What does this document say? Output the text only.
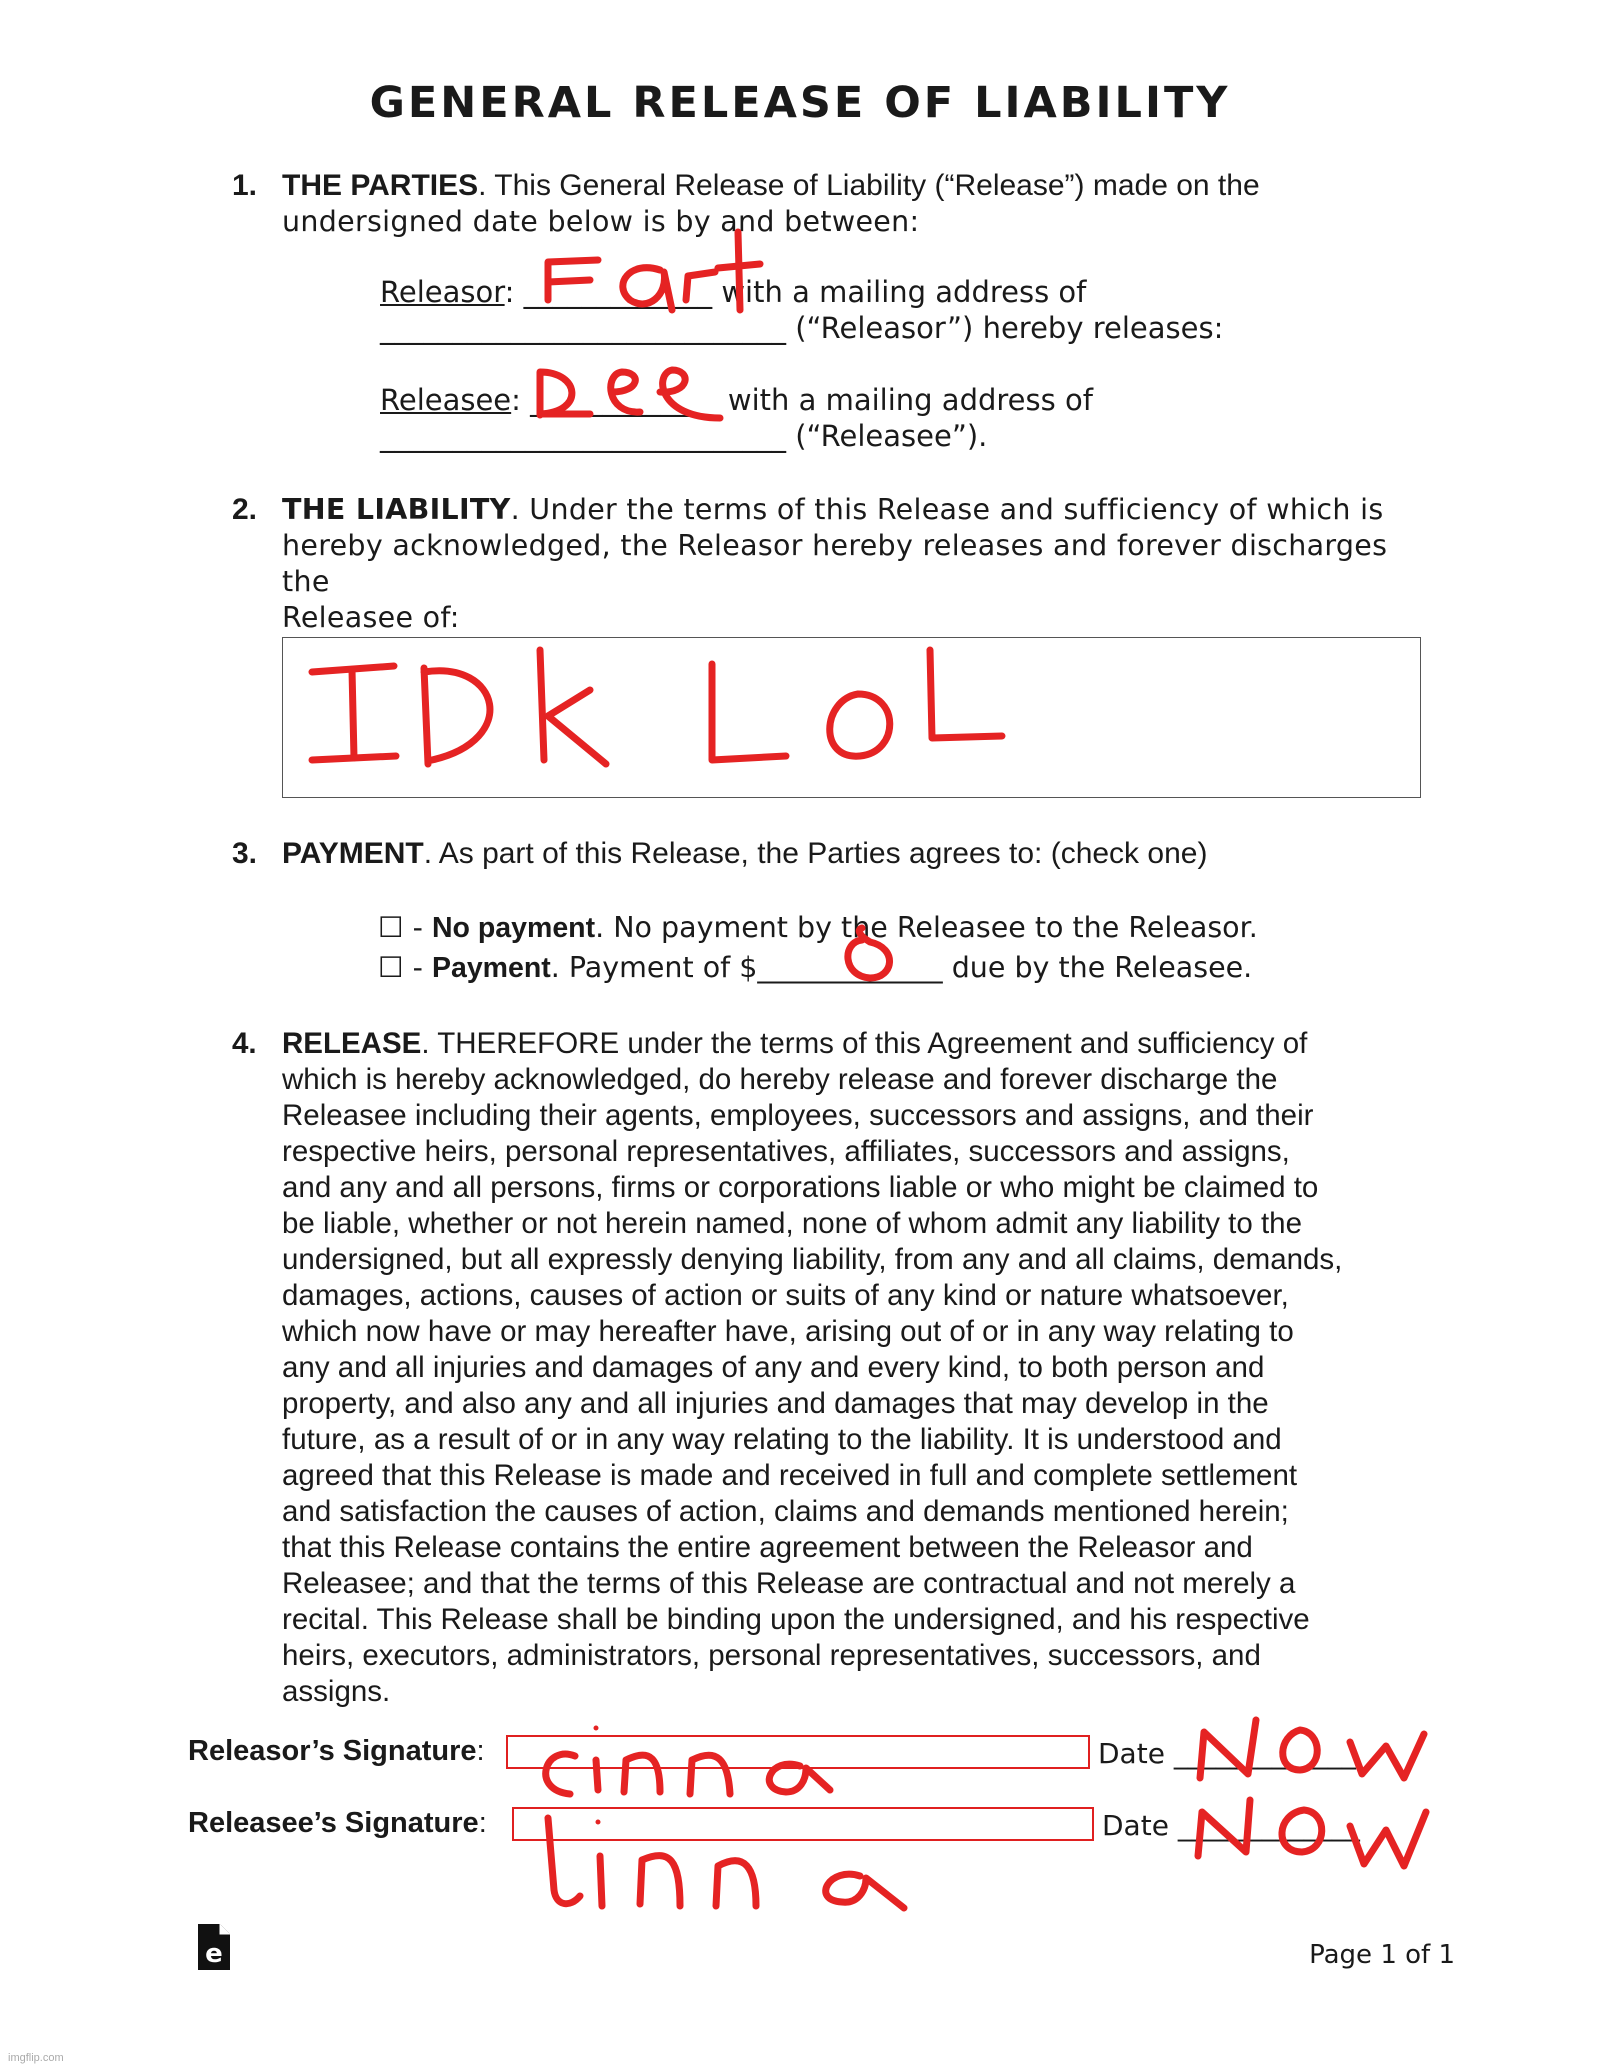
GENERAL RELEASE OF LIABILITY
1. THE PARTIES. This General Release of Liability (“Release”) made on the
undersigned date below is by and between:
Releasor: _____________ with a mailing address of
____________________________ (“Releasor”) hereby releases:
Releasee: _____________ with a mailing address of
____________________________ (“Releasee”).
2. THE LIABILITY. Under the terms of this Release and sufficiency of which is
hereby acknowledged, the Releasor hereby releases and forever discharges the
Releasee of:
3. PAYMENT. As part of this Release, the Parties agrees to: (check one)
☐ - No payment. No payment by the Releasee to the Releasor.
☐ - Payment. Payment of $_____________ due by the Releasee.
4. RELEASE. THEREFORE under the terms of this Agreement and sufficiency of
which is hereby acknowledged, do hereby release and forever discharge the
Releasee including their agents, employees, successors and assigns, and their
respective heirs, personal representatives, affiliates, successors and assigns,
and any and all persons, firms or corporations liable or who might be claimed to
be liable, whether or not herein named, none of whom admit any liability to the
undersigned, but all expressly denying liability, from any and all claims, demands,
damages, actions, causes of action or suits of any kind or nature whatsoever,
which now have or may hereafter have, arising out of or in any way relating to
any and all injuries and damages of any and every kind, to both person and
property, and also any and all injuries and damages that may develop in the
future, as a result of or in any way relating to the liability. It is understood and
agreed that this Release is made and received in full and complete settlement
and satisfaction the causes of action, claims and demands mentioned herein;
that this Release contains the entire agreement between the Releasor and
Releasee; and that the terms of this Release are contractual and not merely a
recital. This Release shall be binding upon the undersigned, and his respective
heirs, executors, administrators, personal representatives, successors, and
assigns.
Releasor’s Signature:	Date _____________
Releasee’s Signature:	Date _____________
e	Page 1 of 1
imgflip.com
